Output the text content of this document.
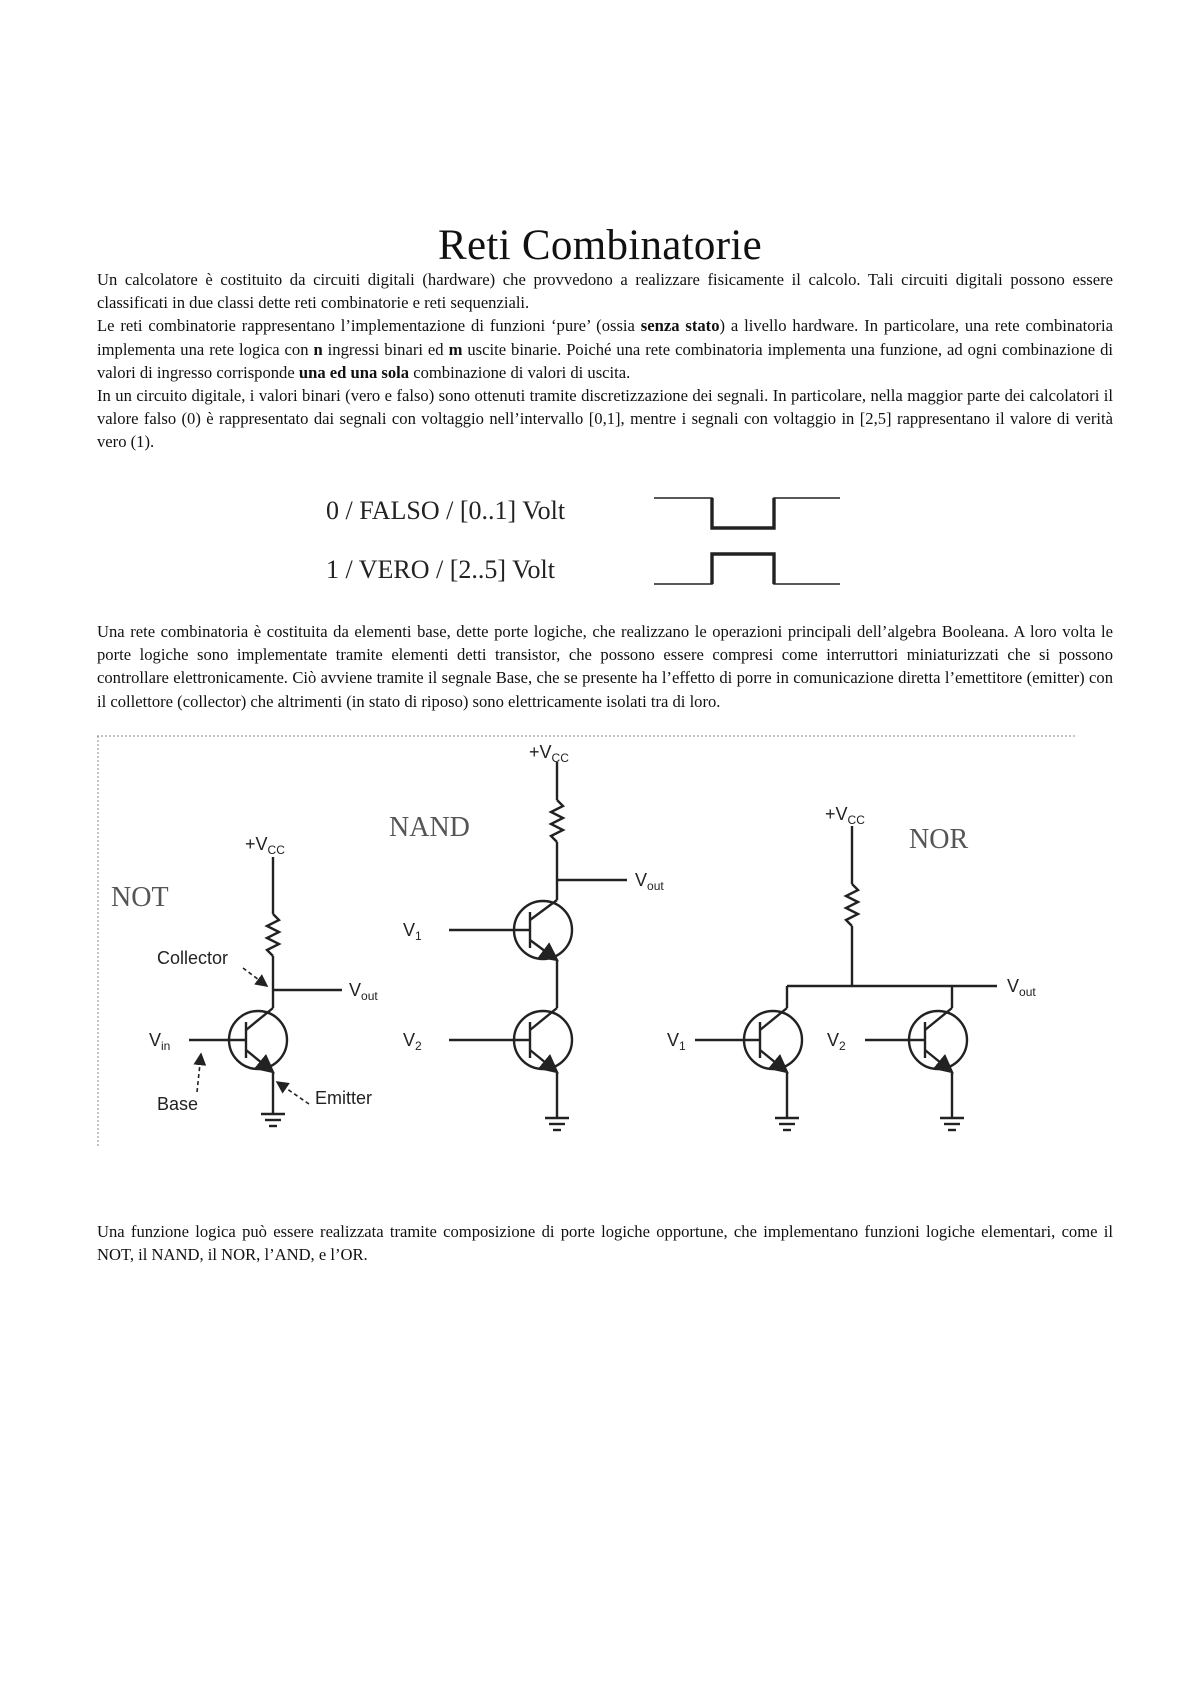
Reti Combinatorie

Un calcolatore è costituito da circuiti digitali (hardware) che provvedono a realizzare fisicamente il calcolo. Tali circuiti digitali possono essere classificati in due classi dette reti combinatorie e reti sequenziali.

Le reti combinatorie rappresentano l’implementazione di funzioni ‘pure’ (ossia senza stato) a livello hardware. In particolare, una rete combinatoria implementa una rete logica con n ingressi binari ed m uscite binarie. Poiché una rete combinatoria implementa una funzione, ad ogni combinazione di valori di ingresso corrisponde una ed una sola combinazione di valori di uscita.

In un circuito digitale, i valori binari (vero e falso) sono ottenuti tramite discretizzazione dei segnali. In particolare, nella maggior parte dei calcolatori il valore falso (0) è rappresentato dai segnali con voltaggio nell’intervallo [0,1], mentre i segnali con voltaggio in [2,5] rappresentano il valore di verità vero (1).

0 / FALSO / [0..1] Volt
1 / VERO / [2..5] Volt

Una rete combinatoria è costituita da elementi base, dette porte logiche, che realizzano le operazioni principali dell’algebra Booleana. A loro volta le porte logiche sono implementate tramite elementi detti transistor, che possono essere compresi come interruttori miniaturizzati che si possono controllare elettronicamente. Ciò avviene tramite il segnale Base, che se presente ha l’effetto di porre in comunicazione diretta l’emettitore (emitter) con il collettore (collector) che altrimenti (in stato di riposo) sono elettricamente isolati tra di loro.

NOT
$+V_{CC}$
Collector
$V_{out}$
$V_{in}$
Base	Emitter
NAND
$+V_{CC}$
$V_{out}$
$V_1$
$V_2$
NOR
$+V_{CC}$
$V_{out}$
$V_1$	$V_2$

Una funzione logica può essere realizzata tramite composizione di porte logiche opportune, che implementano funzioni logiche elementari, come il NOT, il NAND, il NOR, l’AND, e l’OR.
